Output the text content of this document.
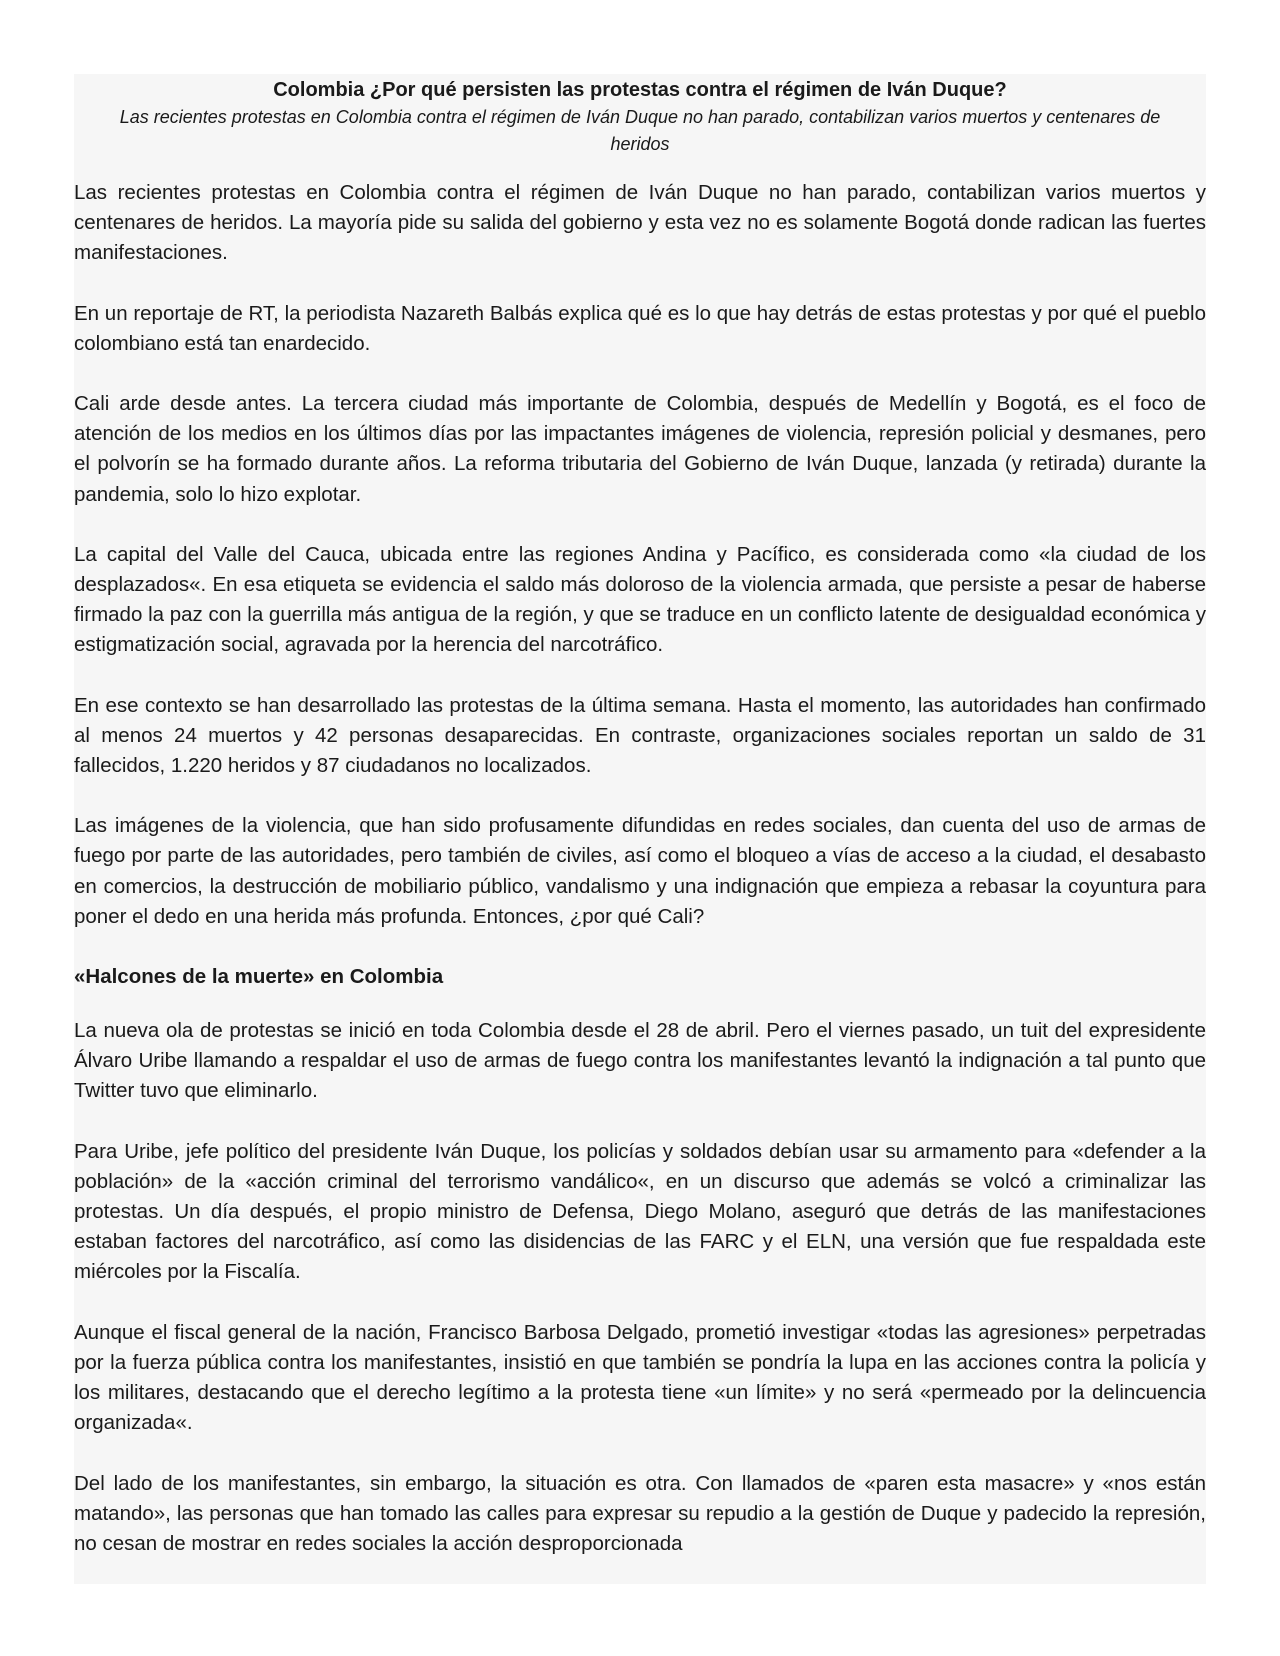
Colombia ¿Por qué persisten las protestas contra el régimen de Iván Duque?

Las recientes protestas en Colombia contra el régimen de Iván Duque no han parado, contabilizan varios muertos y centenares de heridos

Las recientes protestas en Colombia contra el régimen de Iván Duque no han parado, contabilizan varios muertos y centenares de heridos. La mayoría pide su salida del gobierno y esta vez no es solamente Bogotá donde radican las fuertes manifestaciones.

En un reportaje de RT, la periodista Nazareth Balbás explica qué es lo que hay detrás de estas protestas y por qué el pueblo colombiano está tan enardecido.

Cali arde desde antes. La tercera ciudad más importante de Colombia, después de Medellín y Bogotá, es el foco de atención de los medios en los últimos días por las impactantes imágenes de violencia, represión policial y desmanes, pero el polvorín se ha formado durante años. La reforma tributaria del Gobierno de Iván Duque, lanzada (y retirada) durante la pandemia, solo lo hizo explotar.

La capital del Valle del Cauca, ubicada entre las regiones Andina y Pacífico, es considerada como «la ciudad de los desplazados«. En esa etiqueta se evidencia el saldo más doloroso de la violencia armada, que persiste a pesar de haberse firmado la paz con la guerrilla más antigua de la región, y que se traduce en un conflicto latente de desigualdad económica y estigmatización social, agravada por la herencia del narcotráfico.

En ese contexto se han desarrollado las protestas de la última semana. Hasta el momento, las autoridades han confirmado al menos 24 muertos y 42 personas desaparecidas. En contraste, organizaciones sociales reportan un saldo de 31 fallecidos, 1.220 heridos y 87 ciudadanos no localizados.

Las imágenes de la violencia, que han sido profusamente difundidas en redes sociales, dan cuenta del uso de armas de fuego por parte de las autoridades, pero también de civiles, así como el bloqueo a vías de acceso a la ciudad, el desabasto en comercios, la destrucción de mobiliario público, vandalismo y una indignación que empieza a rebasar la coyuntura para poner el dedo en una herida más profunda. Entonces, ¿por qué Cali?

«Halcones de la muerte» en Colombia

La nueva ola de protestas se inició en toda Colombia desde el 28 de abril. Pero el viernes pasado, un tuit del expresidente Álvaro Uribe llamando a respaldar el uso de armas de fuego contra los manifestantes levantó la indignación a tal punto que Twitter tuvo que eliminarlo.

Para Uribe, jefe político del presidente Iván Duque, los policías y soldados debían usar su armamento para «defender a la población» de la «acción criminal del terrorismo vandálico«, en un discurso que además se volcó a criminalizar las protestas. Un día después, el propio ministro de Defensa, Diego Molano, aseguró que detrás de las manifestaciones estaban factores del narcotráfico, así como las disidencias de las FARC y el ELN, una versión que fue respaldada este miércoles por la Fiscalía.

Aunque el fiscal general de la nación, Francisco Barbosa Delgado, prometió investigar «todas las agresiones» perpetradas por la fuerza pública contra los manifestantes, insistió en que también se pondría la lupa en las acciones contra la policía y los militares, destacando que el derecho legítimo a la protesta tiene «un límite» y no será «permeado por la delincuencia organizada«.

Del lado de los manifestantes, sin embargo, la situación es otra. Con llamados de «paren esta masacre» y «nos están matando», las personas que han tomado las calles para expresar su repudio a la gestión de Duque y padecido la represión, no cesan de mostrar en redes sociales la acción desproporcionada
